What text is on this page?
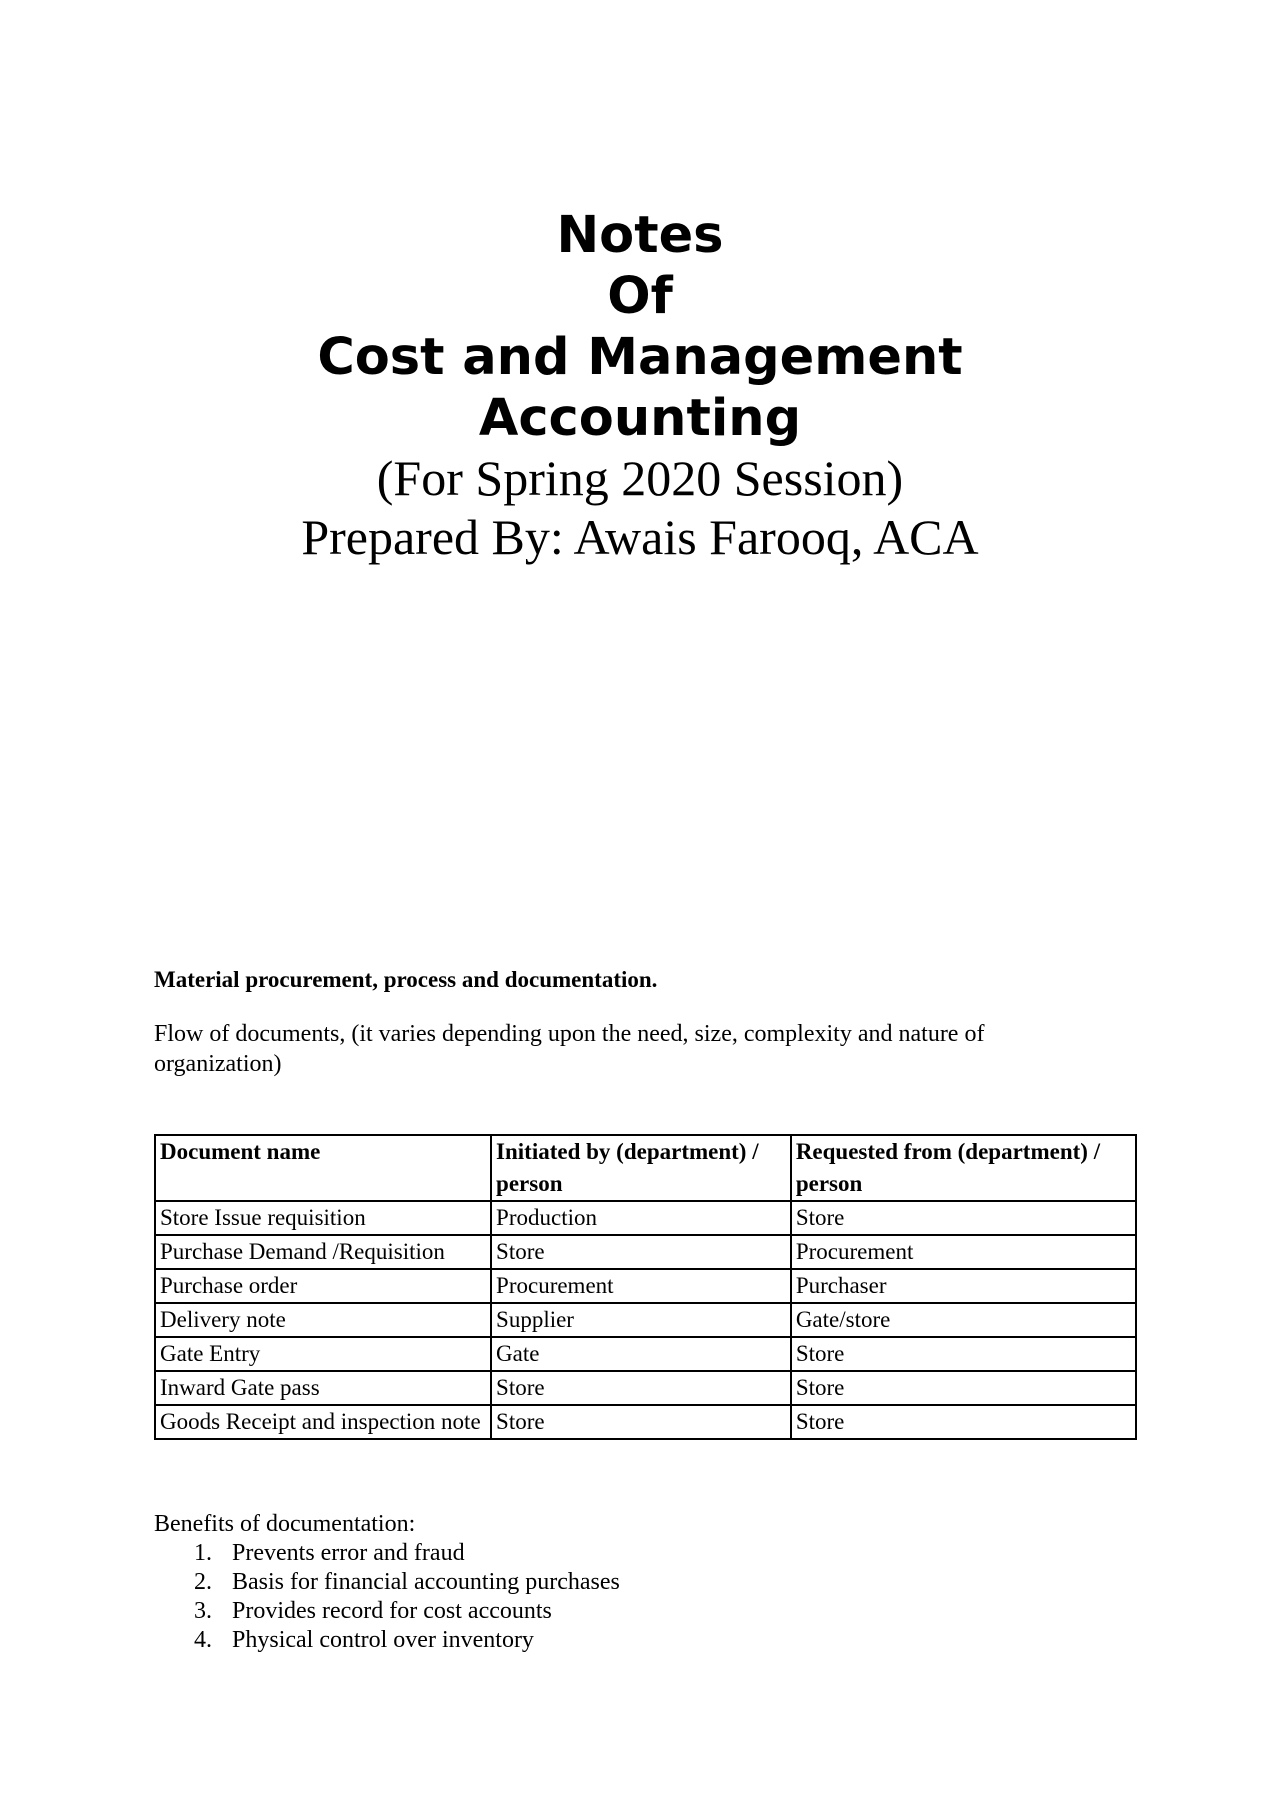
Notes
Of
Cost and Management
Accounting
(For Spring 2020 Session)
Prepared By: Awais Farooq, ACA

Material procurement, process and documentation.

Flow of documents, (it varies depending upon the need, size, complexity and nature of organization)

Document name	Initiated by (department) / person	Requested from (department) / person
Store Issue requisition	Production	Store
Purchase Demand /Requisition	Store	Procurement
Purchase order	Procurement	Purchaser
Delivery note	Supplier	Gate/store
Gate Entry	Gate	Store
Inward Gate pass	Store	Store
Goods Receipt and inspection note	Store	Store

Benefits of documentation:

1. Prevents error and fraud
2. Basis for financial accounting purchases
3. Provides record for cost accounts
4. Physical control over inventory
